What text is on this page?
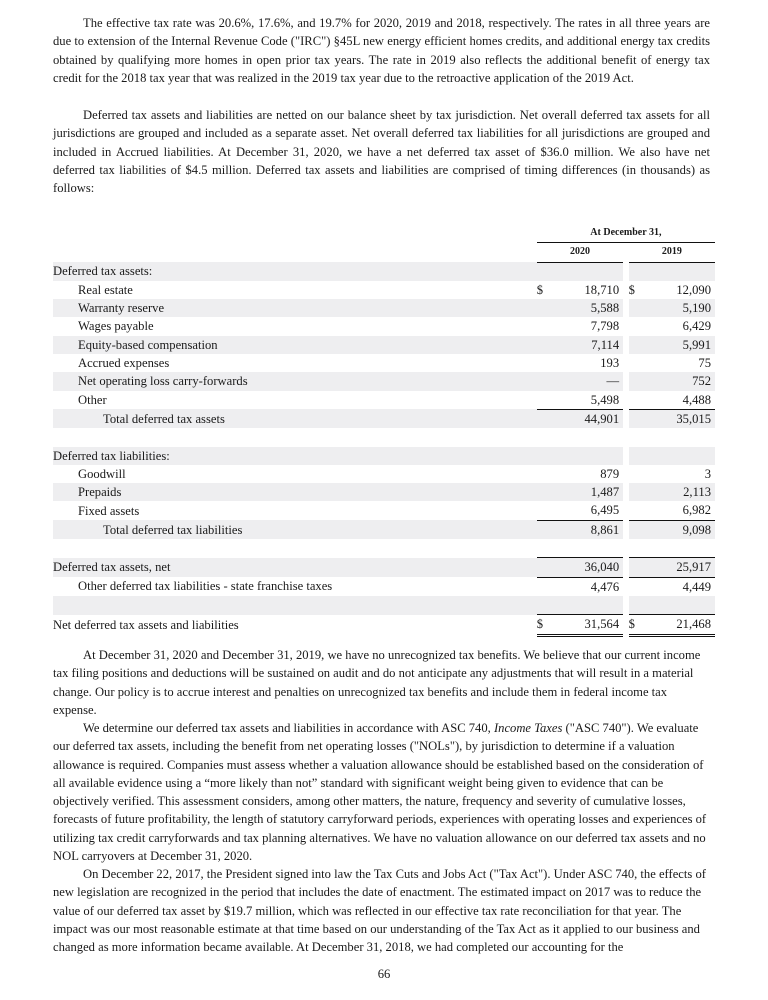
The effective tax rate was 20.6%, 17.6%, and 19.7% for 2020, 2019 and 2018, respectively. The rates in all three years are due to extension of the Internal Revenue Code ("IRC") §45L new energy efficient homes credits, and additional energy tax credits obtained by qualifying more homes in open prior tax years. The rate in 2019 also reflects the additional benefit of energy tax credit for the 2018 tax year that was realized in the 2019 tax year due to the retroactive application of the 2019 Act.

Deferred tax assets and liabilities are netted on our balance sheet by tax jurisdiction. Net overall deferred tax assets for all jurisdictions are grouped and included as a separate asset. Net overall deferred tax liabilities for all jurisdictions are grouped and included in Accrued liabilities. At December 31, 2020, we have a net deferred tax asset of $36.0 million. We also have net deferred tax liabilities of $4.5 million. Deferred tax assets and liabilities are comprised of timing differences (in thousands) as follows:

	At December 31,				
	2020			2019	
Deferred tax assets:					
Real estate	$	18,710		$	12,090
Warranty reserve		5,588			5,190
Wages payable		7,798			6,429
Equity-based compensation		7,114			5,991
Accrued expenses		193			75
Net operating loss carry-forwards		—			752
Other		5,498			4,488
Total deferred tax assets		44,901			35,015

Deferred tax liabilities:					
Goodwill		879			3
Prepaids		1,487			2,113
Fixed assets		6,495			6,982
Total deferred tax liabilities		8,861			9,098

Deferred tax assets, net		36,040			25,917
Other deferred tax liabilities - state franchise taxes		4,476			4,449

Net deferred tax assets and liabilities	$	31,564		$	21,468

At December 31, 2020 and December 31, 2019, we have no unrecognized tax benefits. We believe that our current income tax filing positions and deductions will be sustained on audit and do not anticipate any adjustments that will result in a material change. Our policy is to accrue interest and penalties on unrecognized tax benefits and include them in federal income tax expense.

We determine our deferred tax assets and liabilities in accordance with ASC 740, Income Taxes ("ASC 740"). We evaluate our deferred tax assets, including the benefit from net operating losses ("NOLs"), by jurisdiction to determine if a valuation allowance is required. Companies must assess whether a valuation allowance should be established based on the consideration of all available evidence using a “more likely than not” standard with significant weight being given to evidence that can be objectively verified. This assessment considers, among other matters, the nature, frequency and severity of cumulative losses, forecasts of future profitability, the length of statutory carryforward periods, experiences with operating losses and experiences of utilizing tax credit carryforwards and tax planning alternatives. We have no valuation allowance on our deferred tax assets and no NOL carryovers at December 31, 2020.

On December 22, 2017, the President signed into law the Tax Cuts and Jobs Act ("Tax Act"). Under ASC 740, the effects of new legislation are recognized in the period that includes the date of enactment. The estimated impact on 2017 was to reduce the value of our deferred tax asset by $19.7 million, which was reflected in our effective tax rate reconciliation for that year. The impact was our most reasonable estimate at that time based on our understanding of the Tax Act as it applied to our business and changed as more information became available. At December 31, 2018, we had completed our accounting for the

66
